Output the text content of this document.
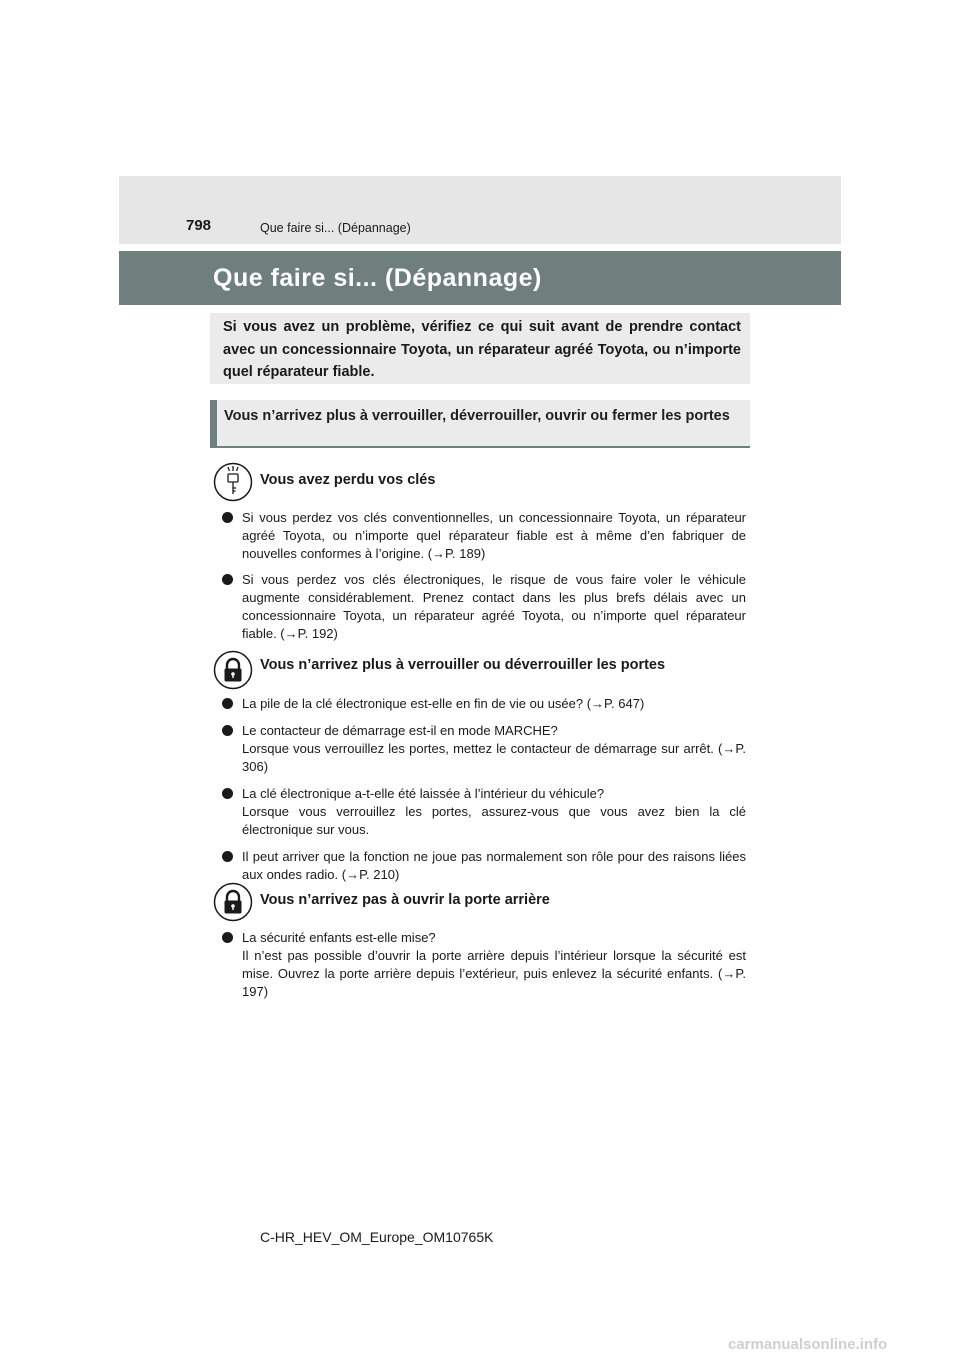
798	Que faire si... (Dépannage)
Que faire si... (Dépannage)
Si vous avez un problème, vérifiez ce qui suit avant de prendre contact avec un concessionnaire Toyota, un réparateur agréé Toyota, ou n’importe quel réparateur fiable.
Vous n’arrivez plus à verrouiller, déverrouiller, ouvrir ou fermer les portes
Vous avez perdu vos clés

Si vous perdez vos clés conventionnelles, un concessionnaire Toyota, un réparateur agréé Toyota, ou n’importe quel réparateur fiable est à même d’en fabriquer de nouvelles conformes à l’origine. (→P. 189)

Si vous perdez vos clés électroniques, le risque de vous faire voler le véhicule augmente considérablement. Prenez contact dans les plus brefs délais avec un concessionnaire Toyota, un réparateur agréé Toyota, ou n’importe quel réparateur fiable. (→P. 192)

Vous n’arrivez plus à verrouiller ou déverrouiller les portes

La pile de la clé électronique est-elle en fin de vie ou usée? (→P. 647)

Le contacteur de démarrage est-il en mode MARCHE?

Lorsque vous verrouillez les portes, mettez le contacteur de démarrage sur arrêt. (→P. 306)

La clé électronique a-t-elle été laissée à l’intérieur du véhicule?

Lorsque vous verrouillez les portes, assurez-vous que vous avez bien la clé électronique sur vous.

Il peut arriver que la fonction ne joue pas normalement son rôle pour des raisons liées aux ondes radio. (→P. 210)

Vous n’arrivez pas à ouvrir la porte arrière

La sécurité enfants est-elle mise?

Il n’est pas possible d’ouvrir la porte arrière depuis l’intérieur lorsque la sécurité est mise. Ouvrez la porte arrière depuis l’extérieur, puis enlevez la sécurité enfants. (→P. 197)

C-HR_HEV_OM_Europe_OM10765K
carmanualsonline.info
